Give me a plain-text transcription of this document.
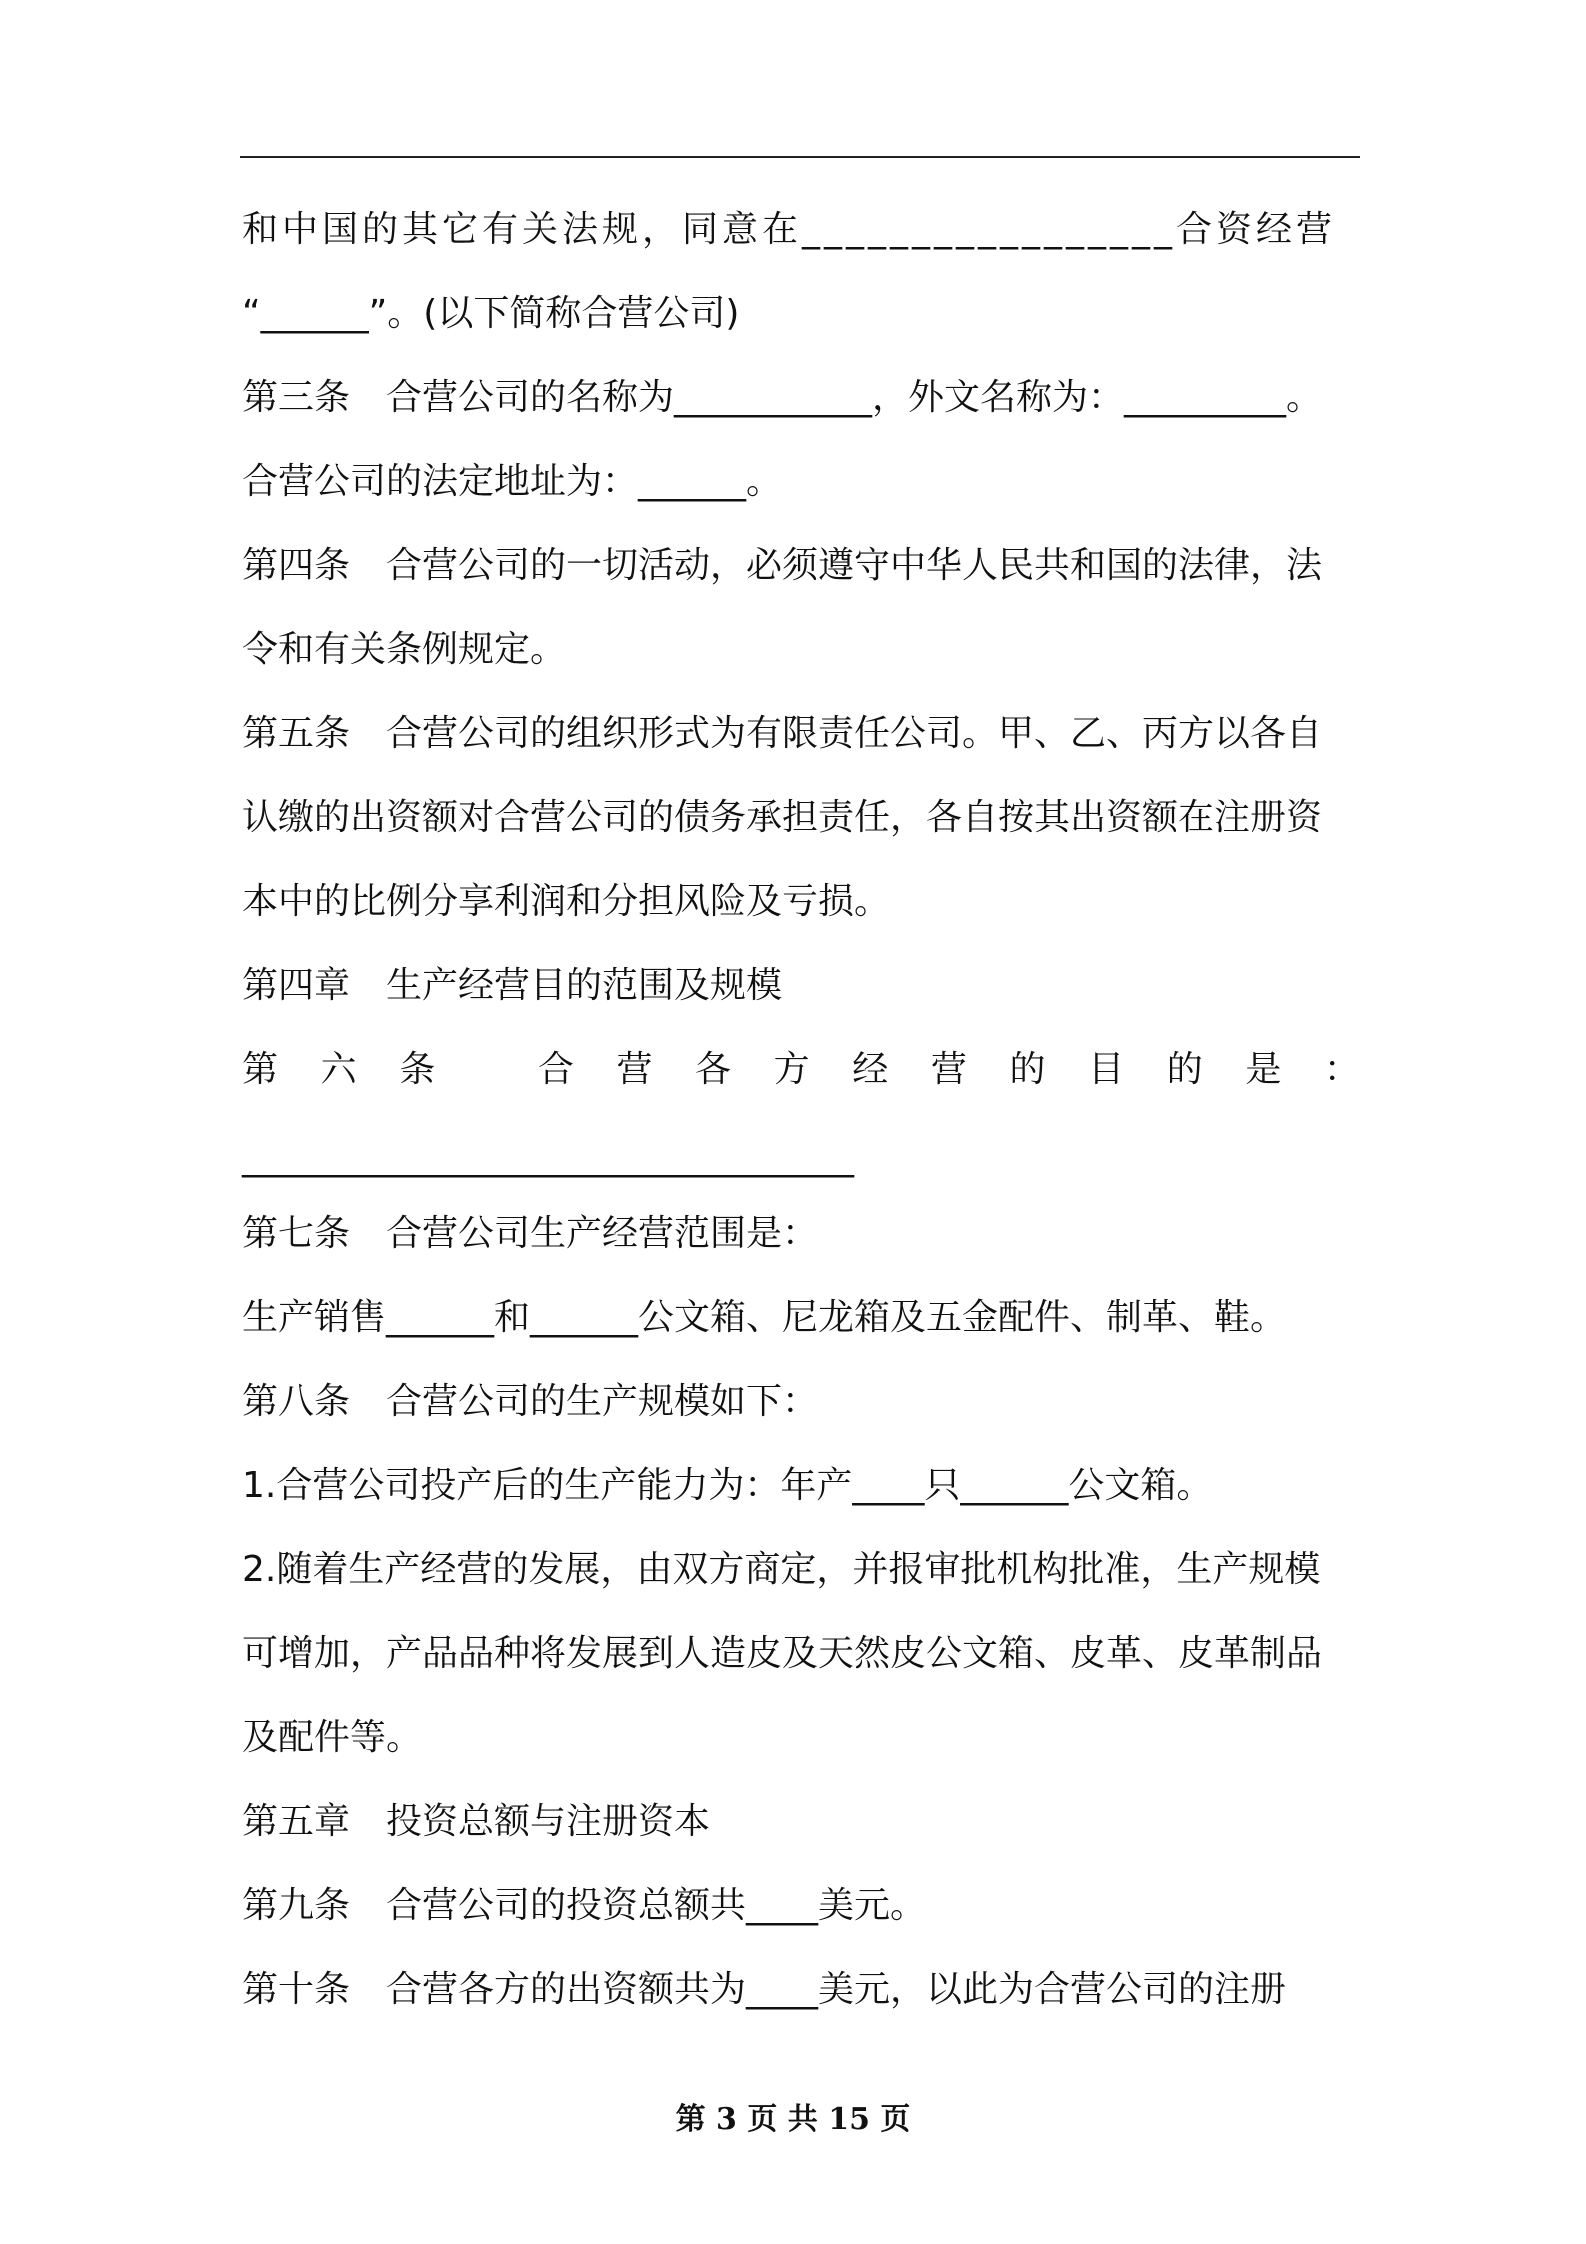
和中国的其它有关法规，同意在_________________合资经营
“______”。(以下简称合营公司)
第三条　合营公司的名称为___________，外文名称为：_________。
合营公司的法定地址为：______。
第四条　合营公司的一切活动，必须遵守中华人民共和国的法律，法
令和有关条例规定。
第五条　合营公司的组织形式为有限责任公司。甲、乙、丙方以各自
认缴的出资额对合营公司的债务承担责任，各自按其出资额在注册资
本中的比例分享利润和分担风险及亏损。
第四章　生产经营目的范围及规模
第 六 条	合 营 各 方 经 营 的 目 的 是 ：
__________________________________
第七条　合营公司生产经营范围是：
生产销售______和______公文箱、尼龙箱及五金配件、制革、鞋。
第八条　合营公司的生产规模如下：
1.合营公司投产后的生产能力为：年产____只______公文箱。
2.随着生产经营的发展，由双方商定，并报审批机构批准，生产规模
可增加，产品品种将发展到人造皮及天然皮公文箱、皮革、皮革制品
及配件等。
第五章　投资总额与注册资本
第九条　合营公司的投资总额共____美元。
第十条　合营各方的出资额共为____美元，以此为合营公司的注册
第 3 页 共 15 页
